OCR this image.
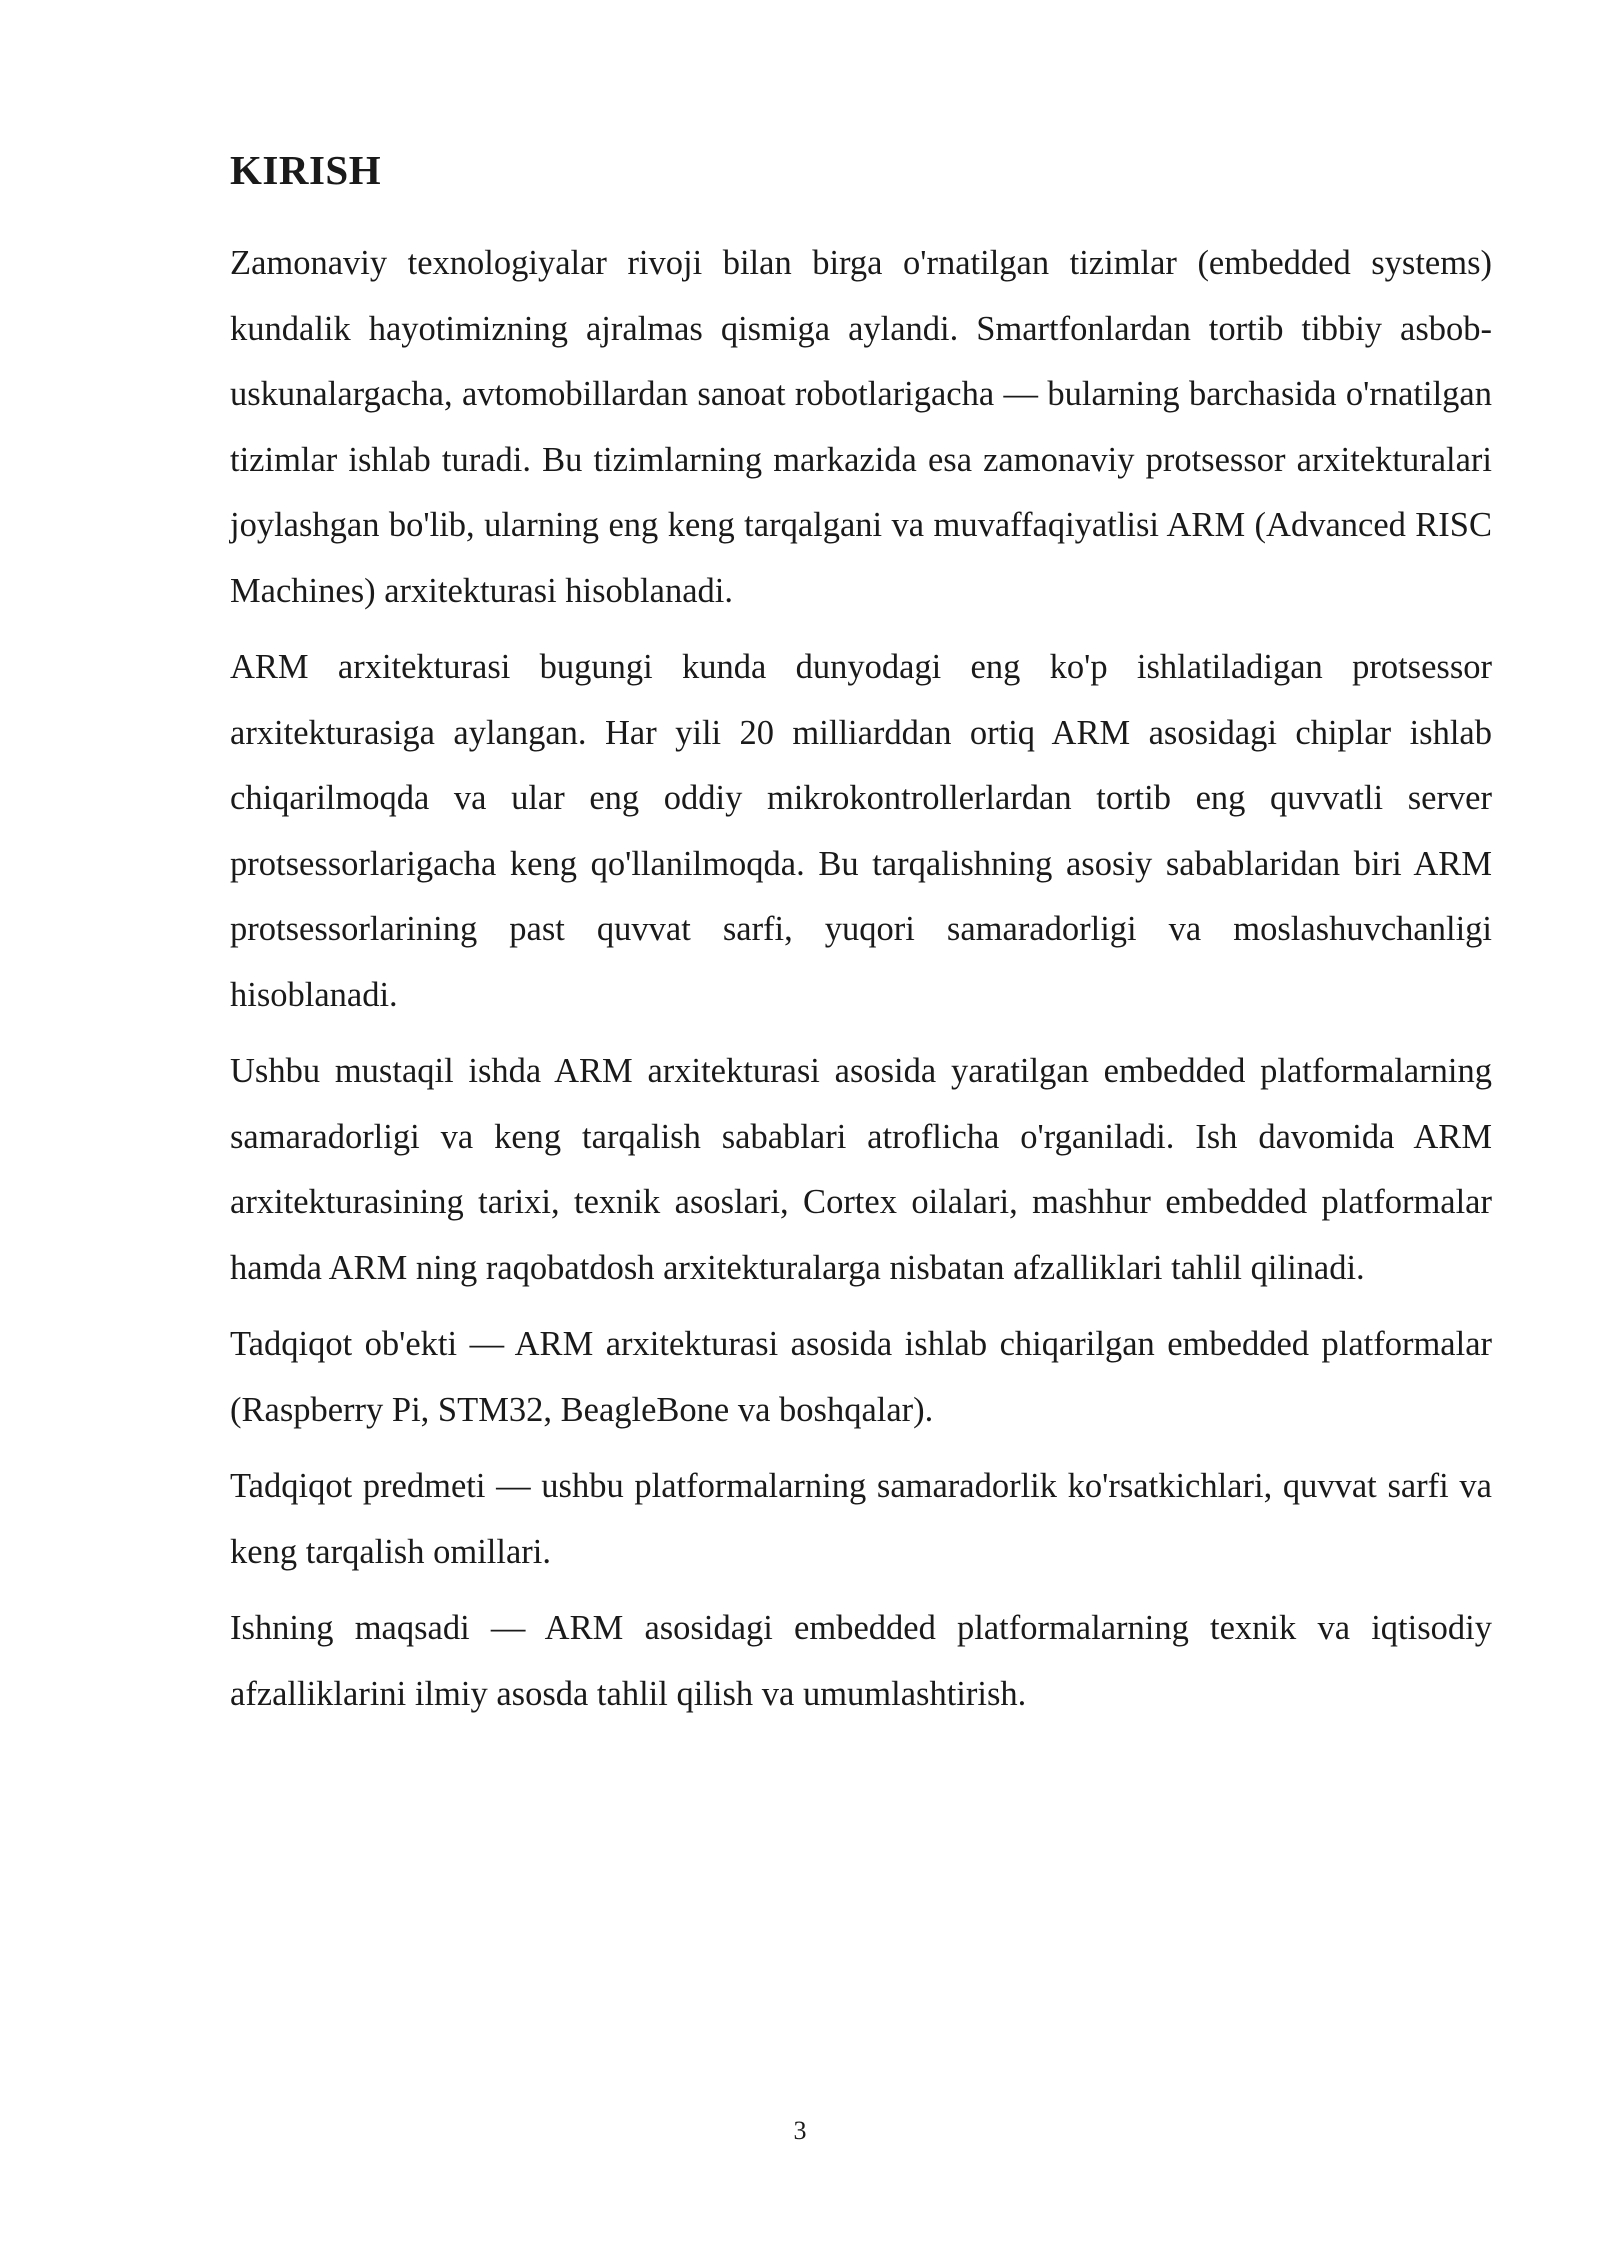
KIRISH

Zamonaviy texnologiyalar rivoji bilan birga o'rnatilgan tizimlar (embedded systems) kundalik hayotimizning ajralmas qismiga aylandi. Smartfonlardan tortib tibbiy asbob-uskunalargacha, avtomobillardan sanoat robotlarigacha — bularning barchasida o'rnatilgan tizimlar ishlab turadi. Bu tizimlarning markazida esa zamonaviy protsessor arxitekturalari joylashgan bo'lib, ularning eng keng tarqalgani va muvaffaqiyatlisi ARM (Advanced RISC Machines) arxitekturasi hisoblanadi.

ARM arxitekturasi bugungi kunda dunyodagi eng ko'p ishlatiladigan protsessor arxitekturasiga aylangan. Har yili 20 milliarddan ortiq ARM asosidagi chiplar ishlab chiqarilmoqda va ular eng oddiy mikrokontrollerlardan tortib eng quvvatli server protsessorlarigacha keng qo'llanilmoqda. Bu tarqalishning asosiy sabablaridan biri ARM protsessorlarining past quvvat sarfi, yuqori samaradorligi va moslashuvchanligi hisoblanadi.

Ushbu mustaqil ishda ARM arxitekturasi asosida yaratilgan embedded platformalarning samaradorligi va keng tarqalish sabablari atroflicha o'rganiladi. Ish davomida ARM arxitekturasining tarixi, texnik asoslari, Cortex oilalari, mashhur embedded platformalar hamda ARM ning raqobatdosh arxitekturalarga nisbatan afzalliklari tahlil qilinadi.

Tadqiqot ob'ekti — ARM arxitekturasi asosida ishlab chiqarilgan embedded platformalar (Raspberry Pi, STM32, BeagleBone va boshqalar).

Tadqiqot predmeti — ushbu platformalarning samaradorlik ko'rsatkichlari, quvvat sarfi va keng tarqalish omillari.

Ishning maqsadi — ARM asosidagi embedded platformalarning texnik va iqtisodiy afzalliklarini ilmiy asosda tahlil qilish va umumlashtirish.

3
